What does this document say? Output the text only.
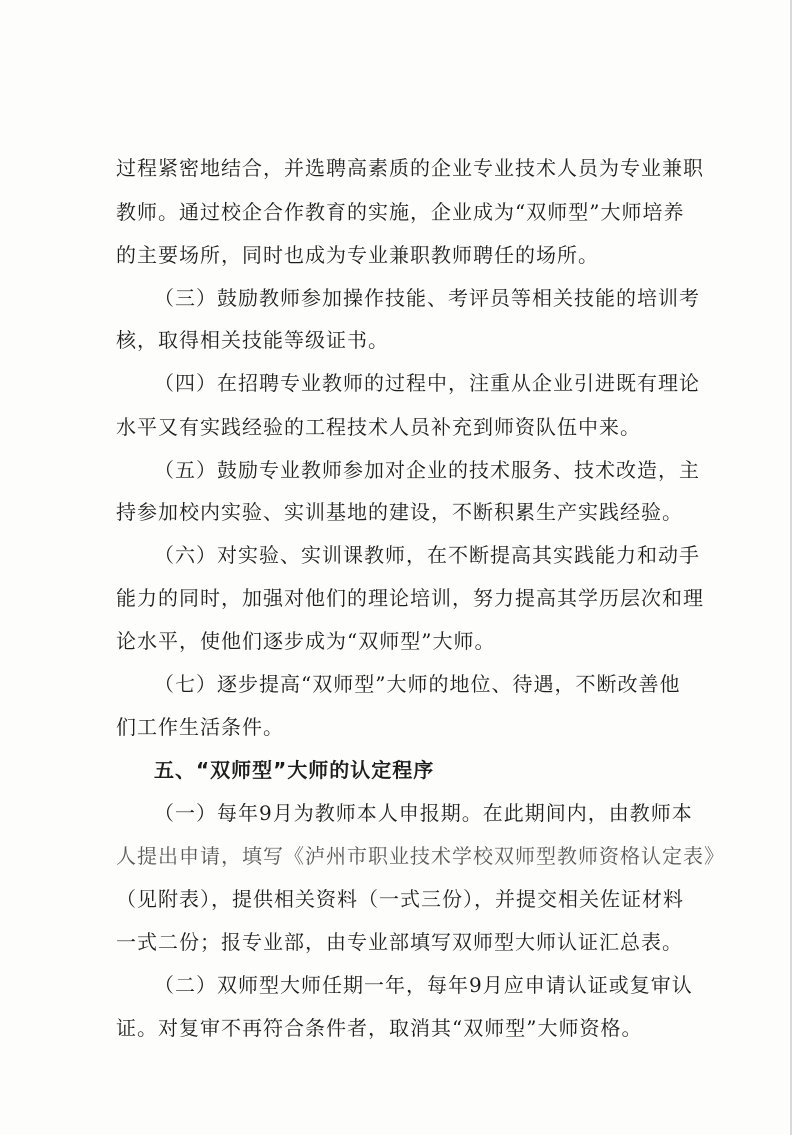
过程紧密地结合，并选聘高素质的企业专业技术人员为专业兼职
教师。通过校企合作教育的实施，企业成为“双师型”大师培养
的主要场所，同时也成为专业兼职教师聘任的场所。
（三）鼓励教师参加操作技能、考评员等相关技能的培训考
核，取得相关技能等级证书。
（四）在招聘专业教师的过程中，注重从企业引进既有理论
水平又有实践经验的工程技术人员补充到师资队伍中来。
（五）鼓励专业教师参加对企业的技术服务、技术改造，主
持参加校内实验、实训基地的建设，不断积累生产实践经验。
（六）对实验、实训课教师，在不断提高其实践能力和动手
能力的同时，加强对他们的理论培训，努力提高其学历层次和理
论水平，使他们逐步成为“双师型”大师。
（七）逐步提高“双师型”大师的地位、待遇，不断改善他
们工作生活条件。
五、“双师型”大师的认定程序
（一）每年9月为教师本人申报期。在此期间内，由教师本
人提出申请，填写《泸州市职业技术学校双师型教师资格认定表》
（见附表），提供相关资料（一式三份），并提交相关佐证材料
一式二份；报专业部，由专业部填写双师型大师认证汇总表。
（二）双师型大师任期一年，每年9月应申请认证或复审认
证。对复审不再符合条件者，取消其“双师型”大师资格。
